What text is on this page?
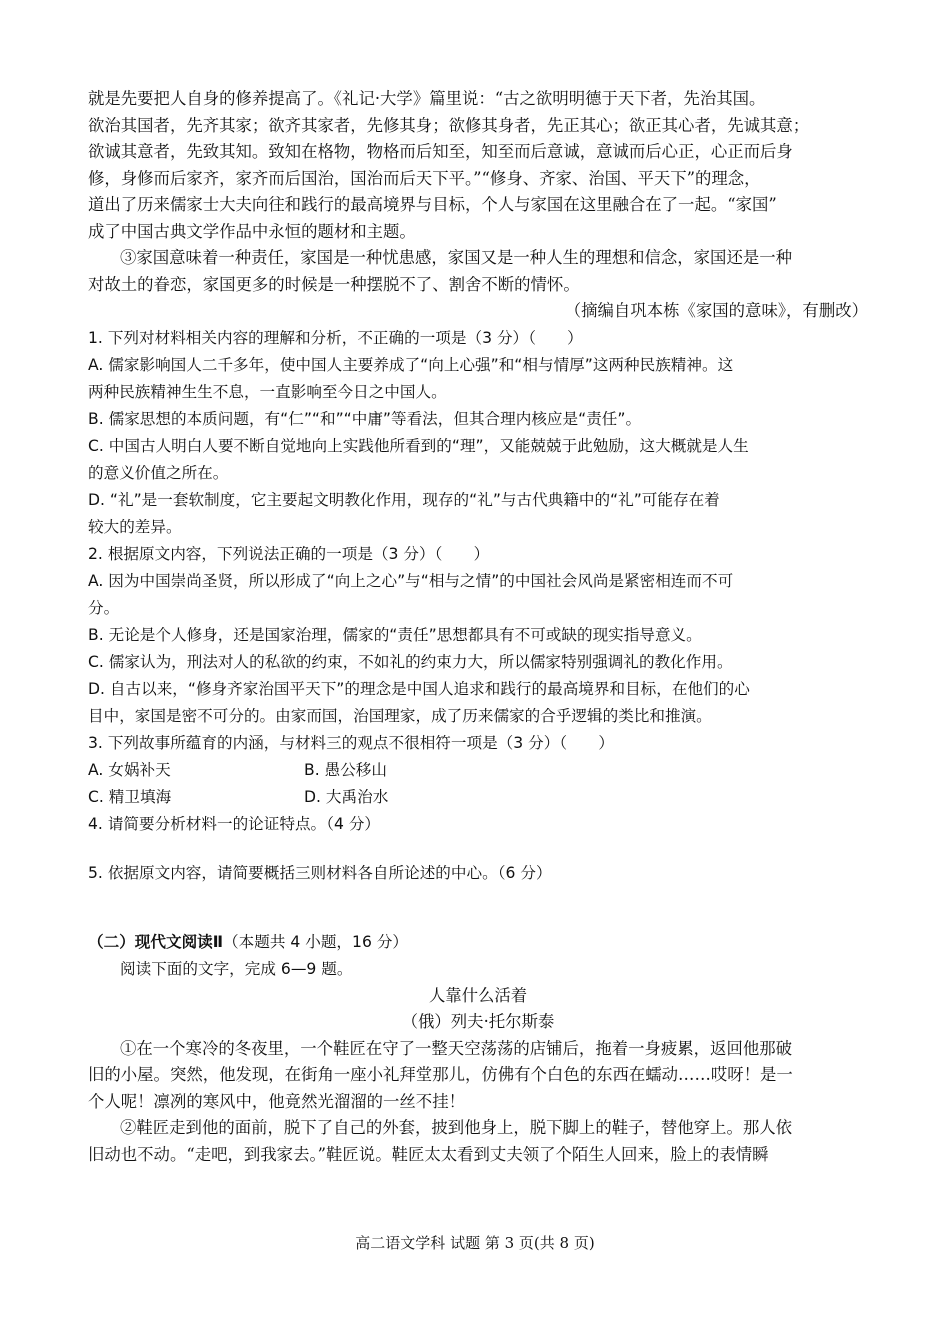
就是先要把人自身的修养提高了。《礼记·大学》篇里说：“古之欲明明德于天下者，先治其国。

欲治其国者，先齐其家；欲齐其家者，先修其身；欲修其身者，先正其心；欲正其心者，先诚其意；

欲诚其意者，先致其知。致知在格物，物格而后知至，知至而后意诚，意诚而后心正，心正而后身

修，身修而后家齐，家齐而后国治，国治而后天下平。”“修身、齐家、治国、平天下”的理念，

道出了历来儒家士大夫向往和践行的最高境界与目标，个人与家国在这里融合在了一起。“家国”

成了中国古典文学作品中永恒的题材和主题。

③家国意味着一种责任，家国是一种忧患感，家国又是一种人生的理想和信念，家国还是一种

对故土的眷恋，家国更多的时候是一种摆脱不了、割舍不断的情怀。

（摘编自巩本栋《家国的意味》，有删改）

1. 下列对材料相关内容的理解和分析，不正确的一项是（3 分）（　　）

A. 儒家影响国人二千多年，使中国人主要养成了“向上心强”和“相与情厚”这两种民族精神。这

两种民族精神生生不息，一直影响至今日之中国人。

B. 儒家思想的本质问题，有“仁”“和”“中庸”等看法，但其合理内核应是“责任”。

C. 中国古人明白人要不断自觉地向上实践他所看到的“理”，又能兢兢于此勉励，这大概就是人生

的意义价值之所在。

D. “礼”是一套软制度，它主要起文明教化作用，现存的“礼”与古代典籍中的“礼”可能存在着

较大的差异。

2. 根据原文内容，下列说法正确的一项是（3 分）（　　）

A. 因为中国崇尚圣贤，所以形成了“向上之心”与“相与之情”的中国社会风尚是紧密相连而不可

分。

B. 无论是个人修身，还是国家治理，儒家的“责任”思想都具有不可或缺的现实指导意义。

C. 儒家认为，刑法对人的私欲的约束，不如礼的约束力大，所以儒家特别强调礼的教化作用。

D. 自古以来，“修身齐家治国平天下”的理念是中国人追求和践行的最高境界和目标，在他们的心

目中，家国是密不可分的。由家而国，治国理家，成了历来儒家的合乎逻辑的类比和推演。

3. 下列故事所蕴育的内涵，与材料三的观点不很相符一项是（3 分）（　　）

A. 女娲补天	B. 愚公移山
C. 精卫填海	D. 大禹治水

4. 请简要分析材料一的论证特点。（4 分）

5. 依据原文内容，请简要概括三则材料各自所论述的中心。（6 分）

（二）现代文阅读Ⅱ（本题共 4 小题，16 分）

阅读下面的文字，完成 6—9 题。

人靠什么活着

（俄）列夫·托尔斯泰

①在一个寒冷的冬夜里，一个鞋匠在守了一整天空荡荡的店铺后，拖着一身疲累，返回他那破

旧的小屋。突然，他发现，在街角一座小礼拜堂那儿，仿佛有个白色的东西在蠕动……哎呀！是一

个人呢！凛冽的寒风中，他竟然光溜溜的一丝不挂！

②鞋匠走到他的面前，脱下了自己的外套，披到他身上，脱下脚上的鞋子，替他穿上。那人依

旧动也不动。“走吧，到我家去。”鞋匠说。鞋匠太太看到丈夫领了个陌生人回来，脸上的表情瞬

高二语文学科 试题 第 3 页(共 8 页)
